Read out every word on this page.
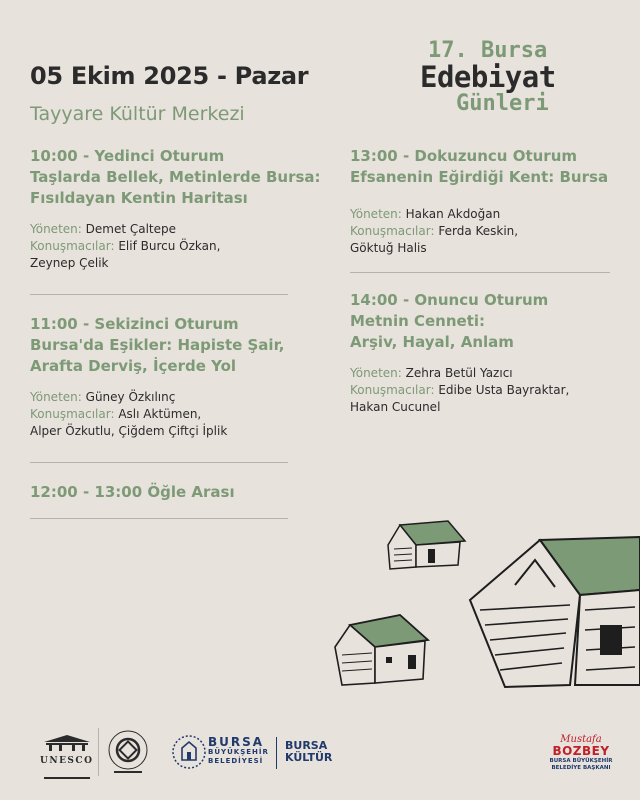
05 Ekim 2025 - Pazar
Tayyare Kültür Merkezi
17. Bursa
Edebiyat
Günleri
10:00 - Yedinci Oturum
Taşlarda Bellek, Metinlerde Bursa:
Fısıldayan Kentin Haritası
Yöneten: Demet Çaltepe
Konuşmacılar: Elif Burcu Özkan,
Zeynep Çelik
11:00 - Sekizinci Oturum
Bursa'da Eşikler: Hapiste Şair,
Arafta Derviş, İçerde Yol
Yöneten: Güney Özkılınç
Konuşmacılar: Aslı Aktümen,
Alper Özkutlu, Çiğdem Çiftçi İplik
12:00 - 13:00 Öğle Arası
13:00 - Dokuzuncu Oturum
Efsanenin Eğirdiği Kent: Bursa
Yöneten: Hakan Akdoğan
Konuşmacılar: Ferda Keskin,
Göktuğ Halis
14:00 - Onuncu Oturum
Metnin Cenneti:
Arşiv, Hayal, Anlam
Yöneten: Zehra Betül Yazıcı
Konuşmacılar: Edibe Usta Bayraktar,
Hakan Cucunel
UNESCO
BURSA
BÜYÜKŞEHİR
BELEDİYESİ
BURSA
KÜLTÜR
Mustafa
BOZBEY
BURSA BÜYÜKŞEHİR
BELEDİYE BAŞKANI
